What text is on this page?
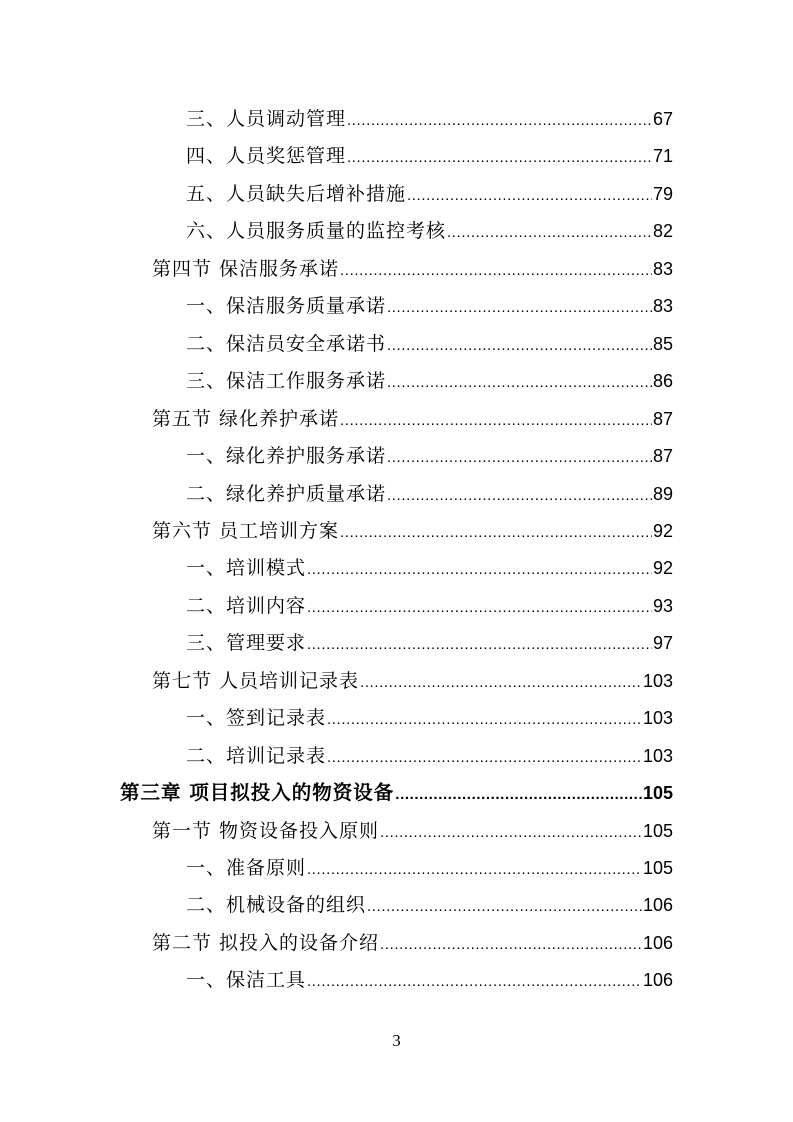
三、人员调动管理 .....	67
四、人员奖惩管理 .....	71
五、人员缺失后增补措施 .....	79
六、人员服务质量的监控考核 .....	82
第四节 保洁服务承诺 .....	83
一、保洁服务质量承诺 .....	83
二、保洁员安全承诺书 .....	85
三、保洁工作服务承诺 .....	86
第五节 绿化养护承诺 .....	87
一、绿化养护服务承诺 .....	87
二、绿化养护质量承诺 .....	89
第六节 员工培训方案 .....	92
一、培训模式 .....	92
二、培训内容 .....	93
三、管理要求 .....	97
第七节 人员培训记录表 .....	103
一、签到记录表 .....	103
二、培训记录表 .....	103
第三章 项目拟投入的物资设备 .....	105
第一节 物资设备投入原则 .....	105
一、准备原则 .....	105
二、机械设备的组织 .....	106
第二节 拟投入的设备介绍 .....	106
一、保洁工具 .....	106
3
